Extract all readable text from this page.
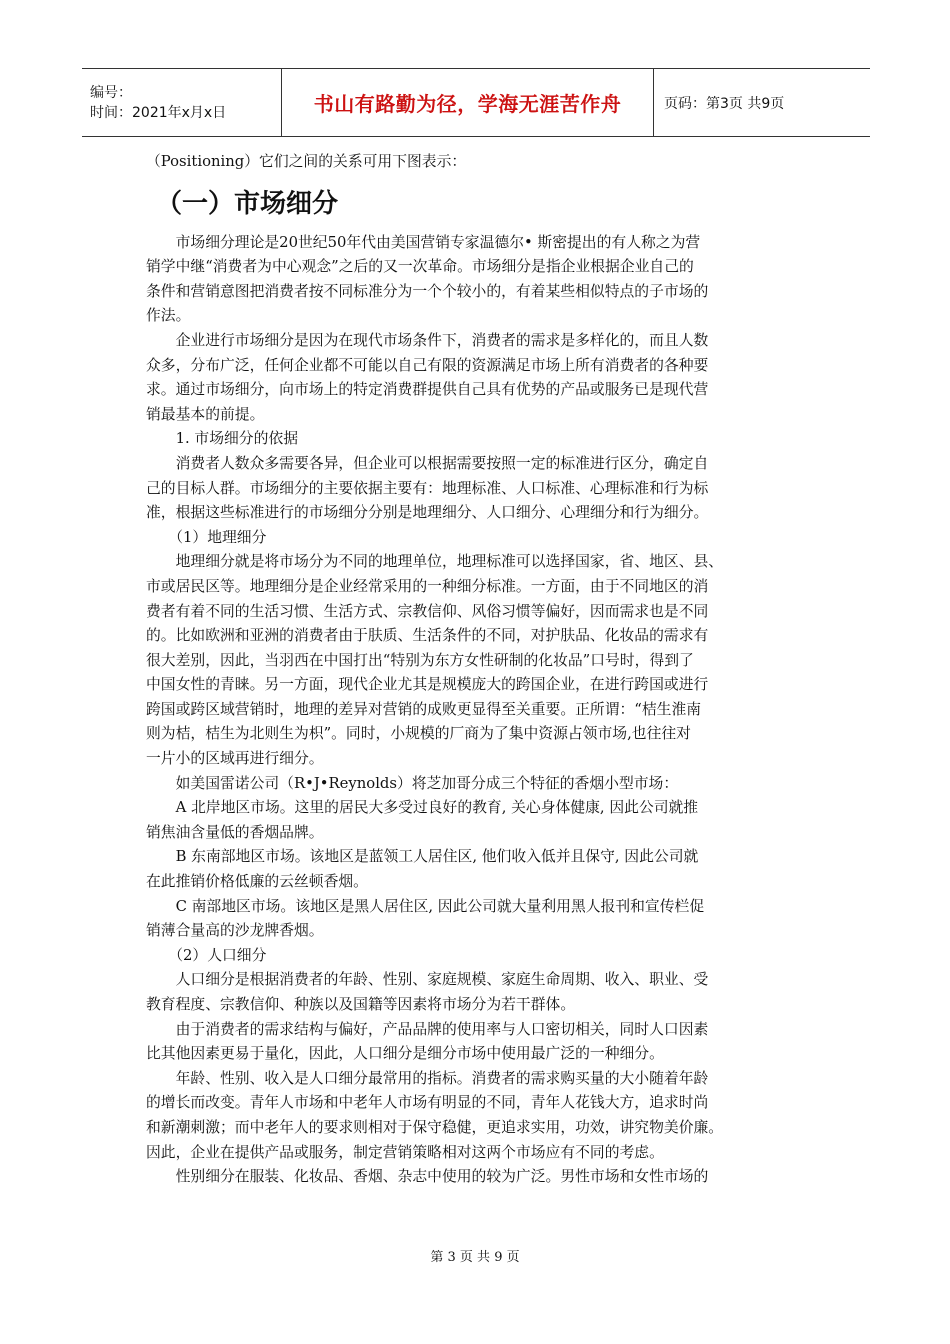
编号：
时间：2021年x月x日	书山有路勤为径，学海无涯苦作舟	页码：第3页 共9页

（Positioning）它们之间的关系可用下图表示：

（一）市场细分

　　市场细分理论是20世纪50年代由美国营销专家温德尔• 斯密提出的有人称之为营

销学中继“消费者为中心观念”之后的又一次革命。市场细分是指企业根据企业自己的

条件和营销意图把消费者按不同标准分为一个个较小的，有着某些相似特点的子市场的

作法。

　　企业进行市场细分是因为在现代市场条件下，消费者的需求是多样化的，而且人数

众多，分布广泛，任何企业都不可能以自己有限的资源满足市场上所有消费者的各种要

求。通过市场细分，向市场上的特定消费群提供自己具有优势的产品或服务已是现代营

销最基本的前提。

　　1. 市场细分的依据

　　消费者人数众多需要各异，但企业可以根据需要按照一定的标准进行区分，确定自

己的目标人群。市场细分的主要依据主要有：地理标准、人口标准、心理标准和行为标

准，根据这些标准进行的市场细分分别是地理细分、人口细分、心理细分和行为细分。

　　（1）地理细分

　　地理细分就是将市场分为不同的地理单位，地理标准可以选择国家，省、地区、县、

市或居民区等。地理细分是企业经常采用的一种细分标准。一方面，由于不同地区的消

费者有着不同的生活习惯、生活方式、宗教信仰、风俗习惯等偏好，因而需求也是不同

的。比如欧洲和亚洲的消费者由于肤质、生活条件的不同，对护肤品、化妆品的需求有

很大差别，因此，当羽西在中国打出“特别为东方女性研制的化妆品”口号时，得到了

中国女性的青睐。另一方面，现代企业尤其是规模庞大的跨国企业，在进行跨国或进行

跨国或跨区域营销时，地理的差异对营销的成败更显得至关重要。正所谓：“桔生淮南

则为桔，桔生为北则生为枳”。同时，小规模的厂商为了集中资源占领市场,也往往对

一片小的区域再进行细分。

　　如美国雷诺公司（R•J•Reynolds）将芝加哥分成三个特征的香烟小型市场：

　　A 北岸地区市场。这里的居民大多受过良好的教育, 关心身体健康, 因此公司就推

销焦油含量低的香烟品牌。

　　B 东南部地区市场。该地区是蓝领工人居住区, 他们收入低并且保守, 因此公司就

在此推销价格低廉的云丝顿香烟。

　　C 南部地区市场。该地区是黑人居住区, 因此公司就大量利用黑人报刊和宣传栏促

销薄合量高的沙龙牌香烟。

　　（2）人口细分

　　人口细分是根据消费者的年龄、性别、家庭规模、家庭生命周期、收入、职业、受

教育程度、宗教信仰、种族以及国籍等因素将市场分为若干群体。

　　由于消费者的需求结构与偏好，产品品牌的使用率与人口密切相关，同时人口因素

比其他因素更易于量化，因此，人口细分是细分市场中使用最广泛的一种细分。

　　年龄、性别、收入是人口细分最常用的指标。消费者的需求购买量的大小随着年龄

的增长而改变。青年人市场和中老年人市场有明显的不同，青年人花钱大方，追求时尚

和新潮刺激；而中老年人的要求则相对于保守稳健，更追求实用，功效，讲究物美价廉。

因此，企业在提供产品或服务，制定营销策略相对这两个市场应有不同的考虑。

　　性别细分在服装、化妆品、香烟、杂志中使用的较为广泛。男性市场和女性市场的

第 3 页 共 9 页
